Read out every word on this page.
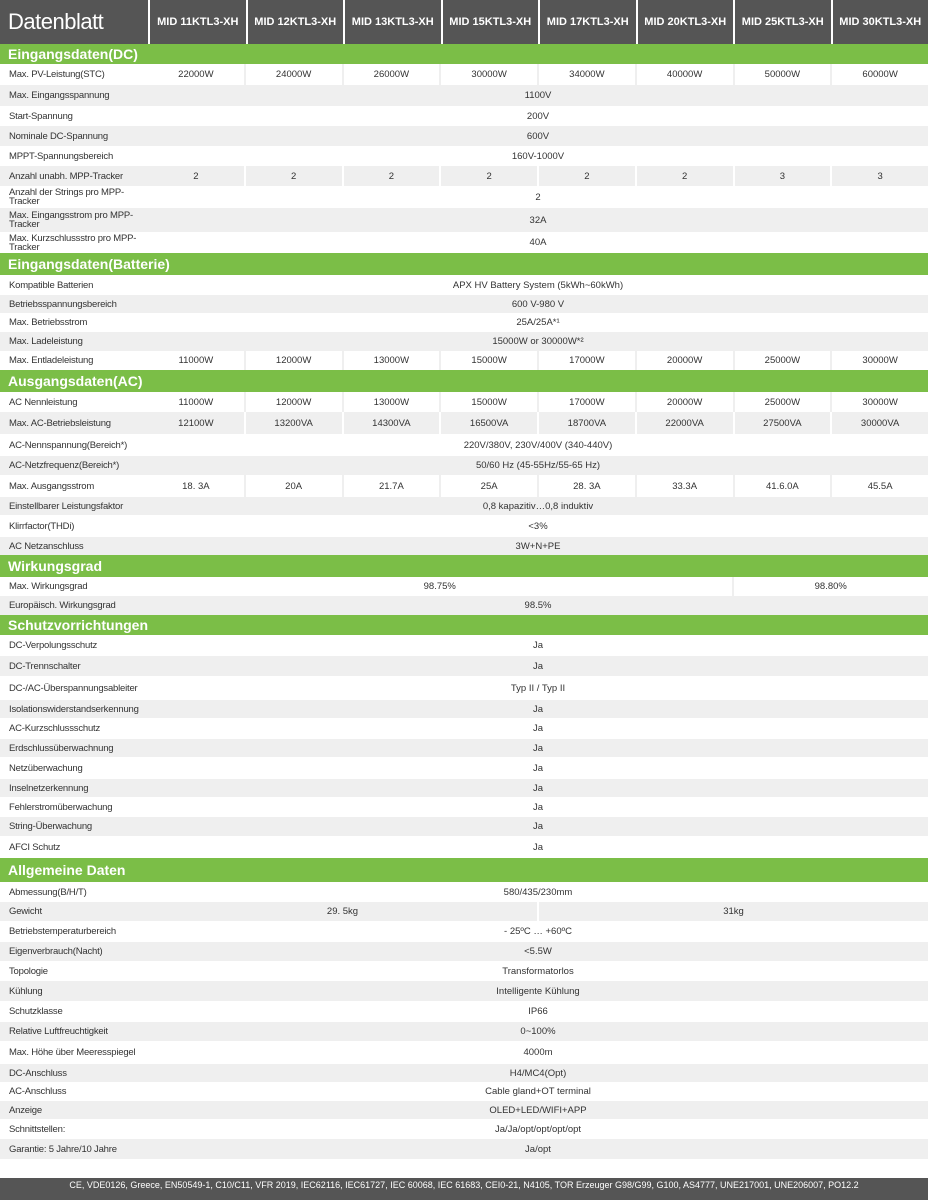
Datenblatt	MID 11KTL3-XH	MID 12KTL3-XH	MID 13KTL3-XH	MID 15KTL3-XH	MID 17KTL3-XH	MID 20KTL3-XH	MID 25KTL3-XH	MID 30KTL3-XH
Eingangsdaten(DC)
Max. PV-Leistung(STC)	22000W	24000W	26000W	30000W	34000W	40000W	50000W	60000W
Max. Eingangsspannung	1100V
Start-Spannung	200V
Nominale DC-Spannung	600V
MPPT-Spannungsbereich	160V-1000V
Anzahl unabh. MPP-Tracker	2	2	2	2	2	2	3	3
Anzahl der Strings pro MPP-Tracker	2
Max. Eingangsstrom pro MPP-Tracker	32A
Max. Kurzschlussstro pro MPP-Tracker	40A
Eingangsdaten(Batterie)
Kompatible Batterien	APX HV Battery System (5kWh~60kWh)
Betriebsspannungsbereich	600 V-980 V
Max. Betriebsstrom	25A/25A*¹
Max. Ladeleistung	15000W or 30000W*²
Max. Entladeleistung	11000W	12000W	13000W	15000W	17000W	20000W	25000W	30000W
Ausgangsdaten(AC)
AC Nennleistung	11000W	12000W	13000W	15000W	17000W	20000W	25000W	30000W
Max. AC-Betriebsleistung	12100W	13200VA	14300VA	16500VA	18700VA	22000VA	27500VA	30000VA
AC-Nennspannung(Bereich*)	220V/380V, 230V/400V (340-440V)
AC-Netzfrequenz(Bereich*)	50/60 Hz (45-55Hz/55-65 Hz)
Max. Ausgangsstrom	18. 3A	20A	21.7A	25A	28. 3A	33.3A	41.6.0A	45.5A
Einstellbarer Leistungsfaktor	0,8 kapazitiv…0,8 induktiv
Klirrfactor(THDi)	<3%
AC Netzanschluss	3W+N+PE
Wirkungsgrad
Max. Wirkungsgrad	98.75%	98.80%
Europäisch. Wirkungsgrad	98.5%
Schutzvorrichtungen
DC-Verpolungsschutz	Ja
DC-Trennschalter	Ja
DC-/AC-Überspannungsableiter	Typ II / Typ II
Isolationswiderstandserkennung	Ja
AC-Kurzschlussschutz	Ja
Erdschlussüberwachnung	Ja
Netzüberwachung	Ja
Inselnetzerkennung	Ja
Fehlerstromüberwachung	Ja
String-Überwachung	Ja
AFCI Schutz	Ja
Allgemeine Daten
Abmessung(B/H/T)	580/435/230mm
Gewicht	29. 5kg	31kg
Betriebstemperaturbereich	- 25ºC … +60ºC
Eigenverbrauch(Nacht)	<5.5W
Topologie	Transformatorlos
Kühlung	Intelligente Kühlung
Schutzklasse	IP66
Relative Luftfreuchtigkeit	0~100%
Max. Höhe über Meeresspiegel	4000m
DC-Anschluss	H4/MC4(Opt)
AC-Anschluss	Cable gland+OT terminal
Anzeige	OLED+LED/WIFI+APP
Schnittstellen:	Ja/Ja/opt/opt/opt/opt
Garantie: 5 Jahre/10 Jahre	Ja/opt
CE, VDE0126, Greece, EN50549-1, C10/C11, VFR 2019, IEC62116, IEC61727, IEC 60068, IEC 61683, CEI0-21, N4105, TOR Erzeuger G98/G99, G100, AS4777, UNE217001, UNE206007, PO12.2
